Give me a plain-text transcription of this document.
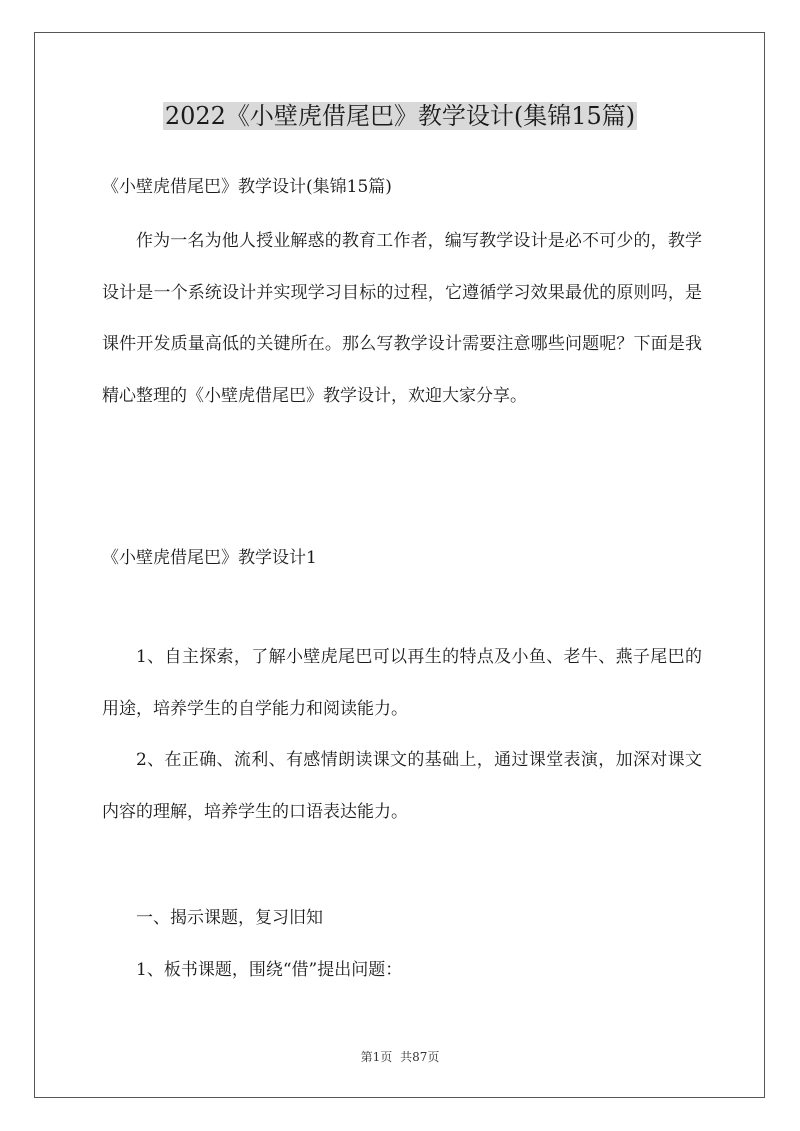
2022《小壁虎借尾巴》教学设计(集锦15篇)
《小壁虎借尾巴》教学设计(集锦15篇)

作为一名为他人授业解惑的教育工作者，编写教学设计是必不可少的，教学设计是一个系统设计并实现学习目标的过程，它遵循学习效果最优的原则吗，是课件开发质量高低的关键所在。那么写教学设计需要注意哪些问题呢？下面是我精心整理的《小壁虎借尾巴》教学设计，欢迎大家分享。

《小壁虎借尾巴》教学设计1

1、自主探索，了解小壁虎尾巴可以再生的特点及小鱼、老牛、燕子尾巴的用途，培养学生的自学能力和阅读能力。

2、在正确、流利、有感情朗读课文的基础上，通过课堂表演，加深对课文内容的理解，培养学生的口语表达能力。

一、揭示课题，复习旧知
1、板书课题，围绕“借”提出问题：
第1页 共87页
